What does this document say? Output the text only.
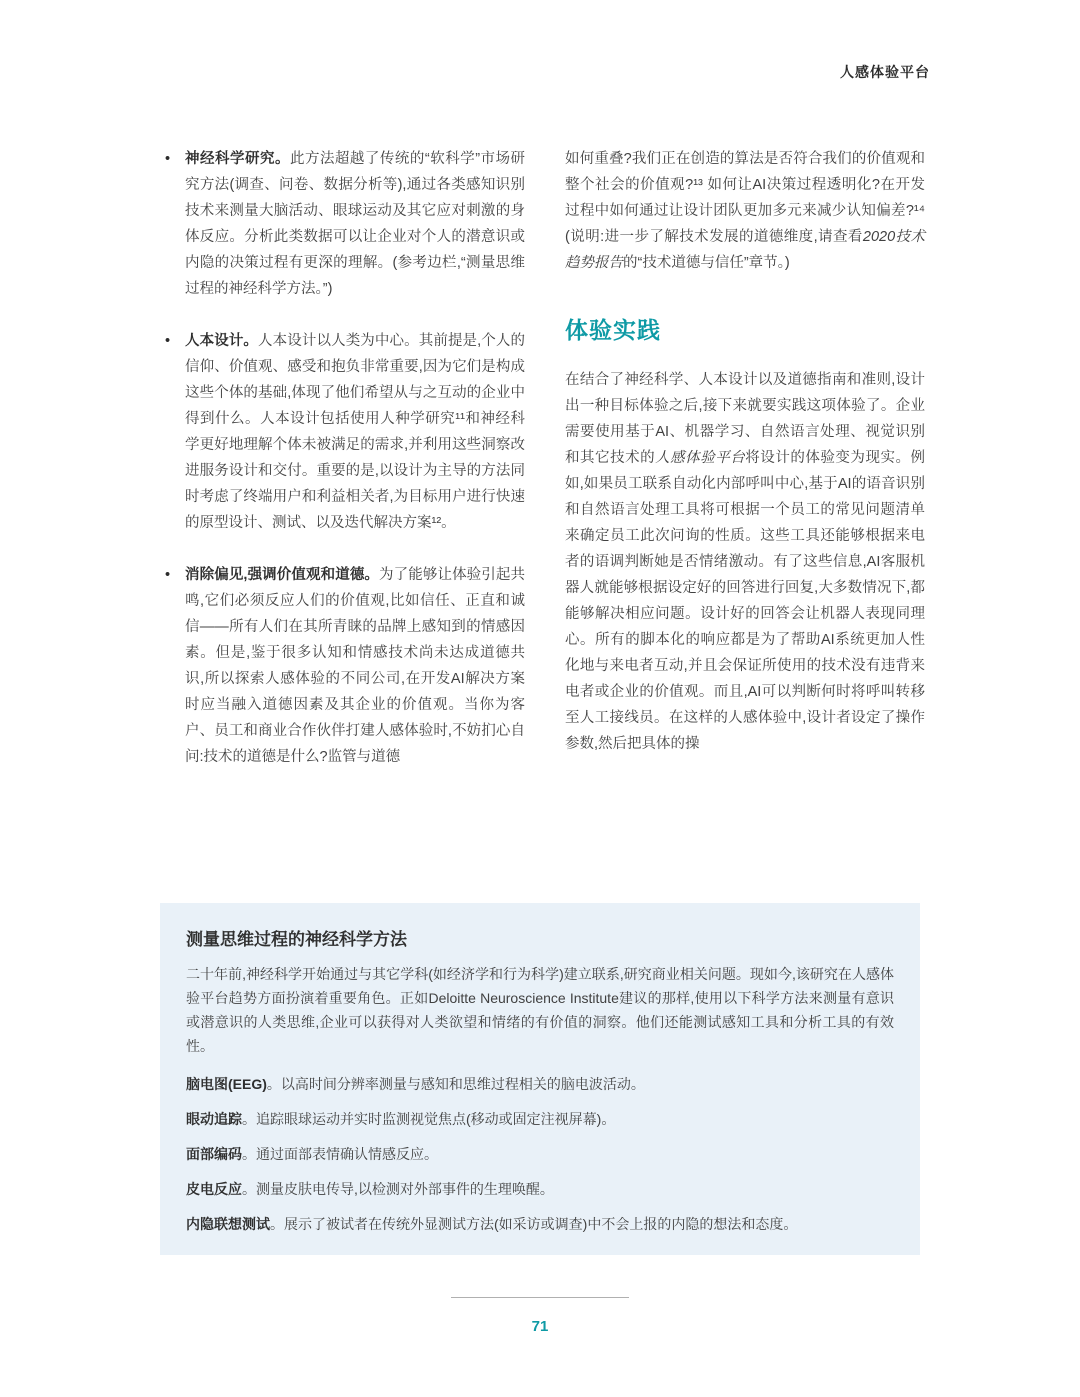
人感体验平台
•

神经科学研究。此方法超越了传统的“软科学”市场研究方法(调查、问卷、数据分析等),通过各类感知识别技术来测量大脑活动、眼球运动及其它应对刺激的身体反应。分析此类数据可以让企业对个人的潜意识或内隐的决策过程有更深的理解。(参考边栏,“测量思维过程的神经科学方法。”)

•

人本设计。人本设计以人类为中心。其前提是,个人的信仰、价值观、感受和抱负非常重要,因为它们是构成这些个体的基础,体现了他们希望从与之互动的企业中得到什么。人本设计包括使用人种学研究¹¹和神经科学更好地理解个体未被满足的需求,并利用这些洞察改进服务设计和交付。重要的是,以设计为主导的方法同时考虑了终端用户和利益相关者,为目标用户进行快速的原型设计、测试、以及迭代解决方案¹²。

•

消除偏见,强调价值观和道德。为了能够让体验引起共鸣,它们必须反应人们的价值观,比如信任、正直和诚信——所有人们在其所青睐的品牌上感知到的情感因素。但是,鉴于很多认知和情感技术尚未达成道德共识,所以探索人感体验的不同公司,在开发AI解决方案时应当融入道德因素及其企业的价值观。当你为客户、员工和商业合作伙伴打建人感体验时,不妨扪心自问:技术的道德是什么?监管与道德

如何重叠?我们正在创造的算法是否符合我们的价值观和整个社会的价值观?¹³ 如何让AI决策过程透明化?在开发过程中如何通过让设计团队更加多元来减少认知偏差?¹⁴ (说明:进一步了解技术发展的道德维度,请查看2020技术趋势报告的“技术道德与信任”章节。)

体验实践

在结合了神经科学、人本设计以及道德指南和准则,设计出一种目标体验之后,接下来就要实践这项体验了。企业需要使用基于AI、机器学习、自然语言处理、视觉识别和其它技术的人感体验平台将设计的体验变为现实。例如,如果员工联系自动化内部呼叫中心,基于AI的语音识别和自然语言处理工具将可根据一个员工的常见问题清单来确定员工此次问询的性质。这些工具还能够根据来电者的语调判断她是否情绪激动。有了这些信息,AI客服机器人就能够根据设定好的回答进行回复,大多数情况下,都能够解决相应问题。设计好的回答会让机器人表现同理心。所有的脚本化的响应都是为了帮助AI系统更加人性化地与来电者互动,并且会保证所使用的技术没有违背来电者或企业的价值观。而且,AI可以判断何时将呼叫转移至人工接线员。在这样的人感体验中,设计者设定了操作参数,然后把具体的操

测量思维过程的神经科学方法

二十年前,神经科学开始通过与其它学科(如经济学和行为科学)建立联系,研究商业相关问题。现如今,该研究在人感体验平台趋势方面扮演着重要角色。正如Deloitte Neuroscience Institute建议的那样,使用以下科学方法来测量有意识或潜意识的人类思维,企业可以获得对人类欲望和情绪的有价值的洞察。他们还能测试感知工具和分析工具的有效性。

脑电图(EEG)。以高时间分辨率测量与感知和思维过程相关的脑电波活动。

眼动追踪。追踪眼球运动并实时监测视觉焦点(移动或固定注视屏幕)。

面部编码。通过面部表情确认情感反应。

皮电反应。测量皮肤电传导,以检测对外部事件的生理唤醒。

内隐联想测试。展示了被试者在传统外显测试方法(如采访或调查)中不会上报的内隐的想法和态度。

71
